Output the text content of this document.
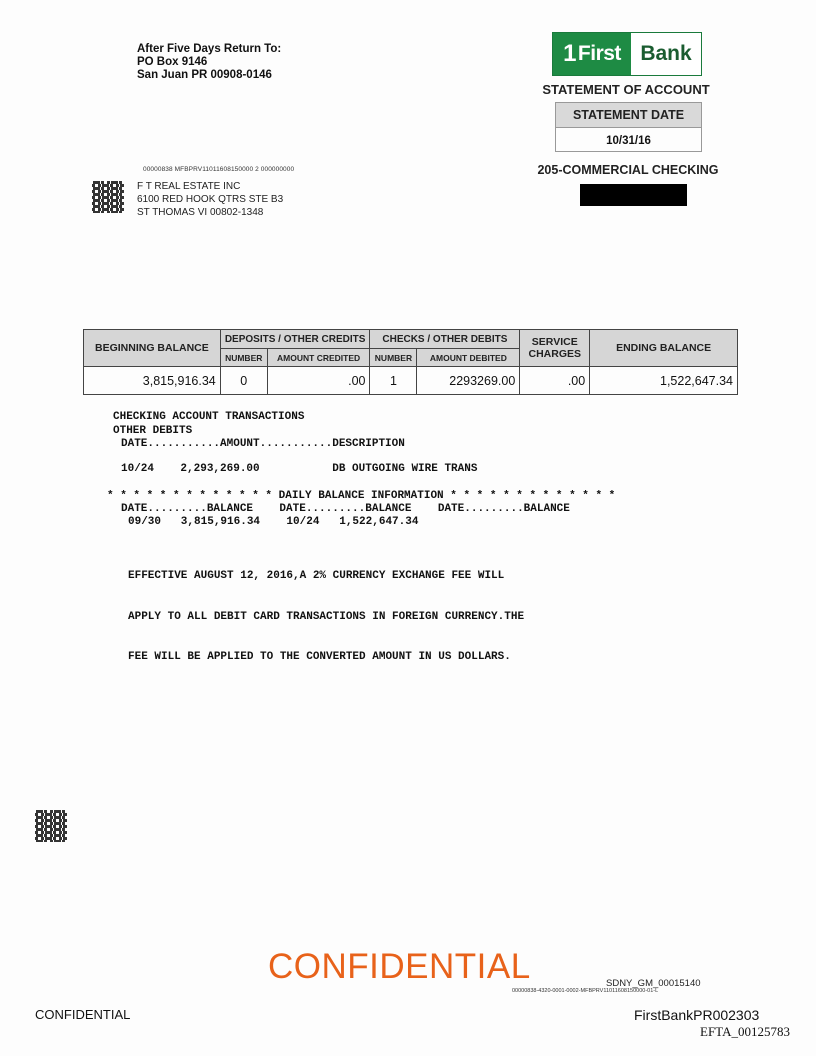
After Five Days Return To:
PO Box 9146
San Juan PR 00908-0146
1 First Bank
STATEMENT OF ACCOUNT
STATEMENT DATE
10/31/16
205-COMMERCIAL CHECKING
00000838 MFBPRV11011608150000 2 000000000
F T REAL ESTATE INC
6100 RED HOOK QTRS STE B3
ST THOMAS VI 00802-1348
BEGINNING BALANCE	DEPOSITS / OTHER CREDITS		CHECKS / OTHER DEBITS		SERVICE CHARGES	ENDING BALANCE
	NUMBER	AMOUNT CREDITED	NUMBER	AMOUNT DEBITED		
3,815,916.34	0	.00	1	2293269.00	.00	1,522,647.34
CHECKING ACCOUNT TRANSACTIONS
OTHER DEBITS
DATE...........AMOUNT...........DESCRIPTION
10/24    2,293,269.00           DB OUTGOING WIRE TRANS
* * * * * * * * * * * * * DAILY BALANCE INFORMATION * * * * * * * * * * * * *
DATE.........BALANCE    DATE.........BALANCE    DATE.........BALANCE
09/30   3,815,916.34    10/24   1,522,647.34

EFFECTIVE AUGUST 12, 2016,A 2% CURRENCY EXCHANGE FEE WILL

APPLY TO ALL DEBIT CARD TRANSACTIONS IN FOREIGN CURRENCY.THE

FEE WILL BE APPLIED TO THE CONVERTED AMOUNT IN US DOLLARS.

CONFIDENTIAL	SDNY_GM_00015140
00000838-4320-0001-0002-MFBPRV11011608150000-01-L
CONFIDENTIAL	FirstBankPR002303
EFTA_00125783
